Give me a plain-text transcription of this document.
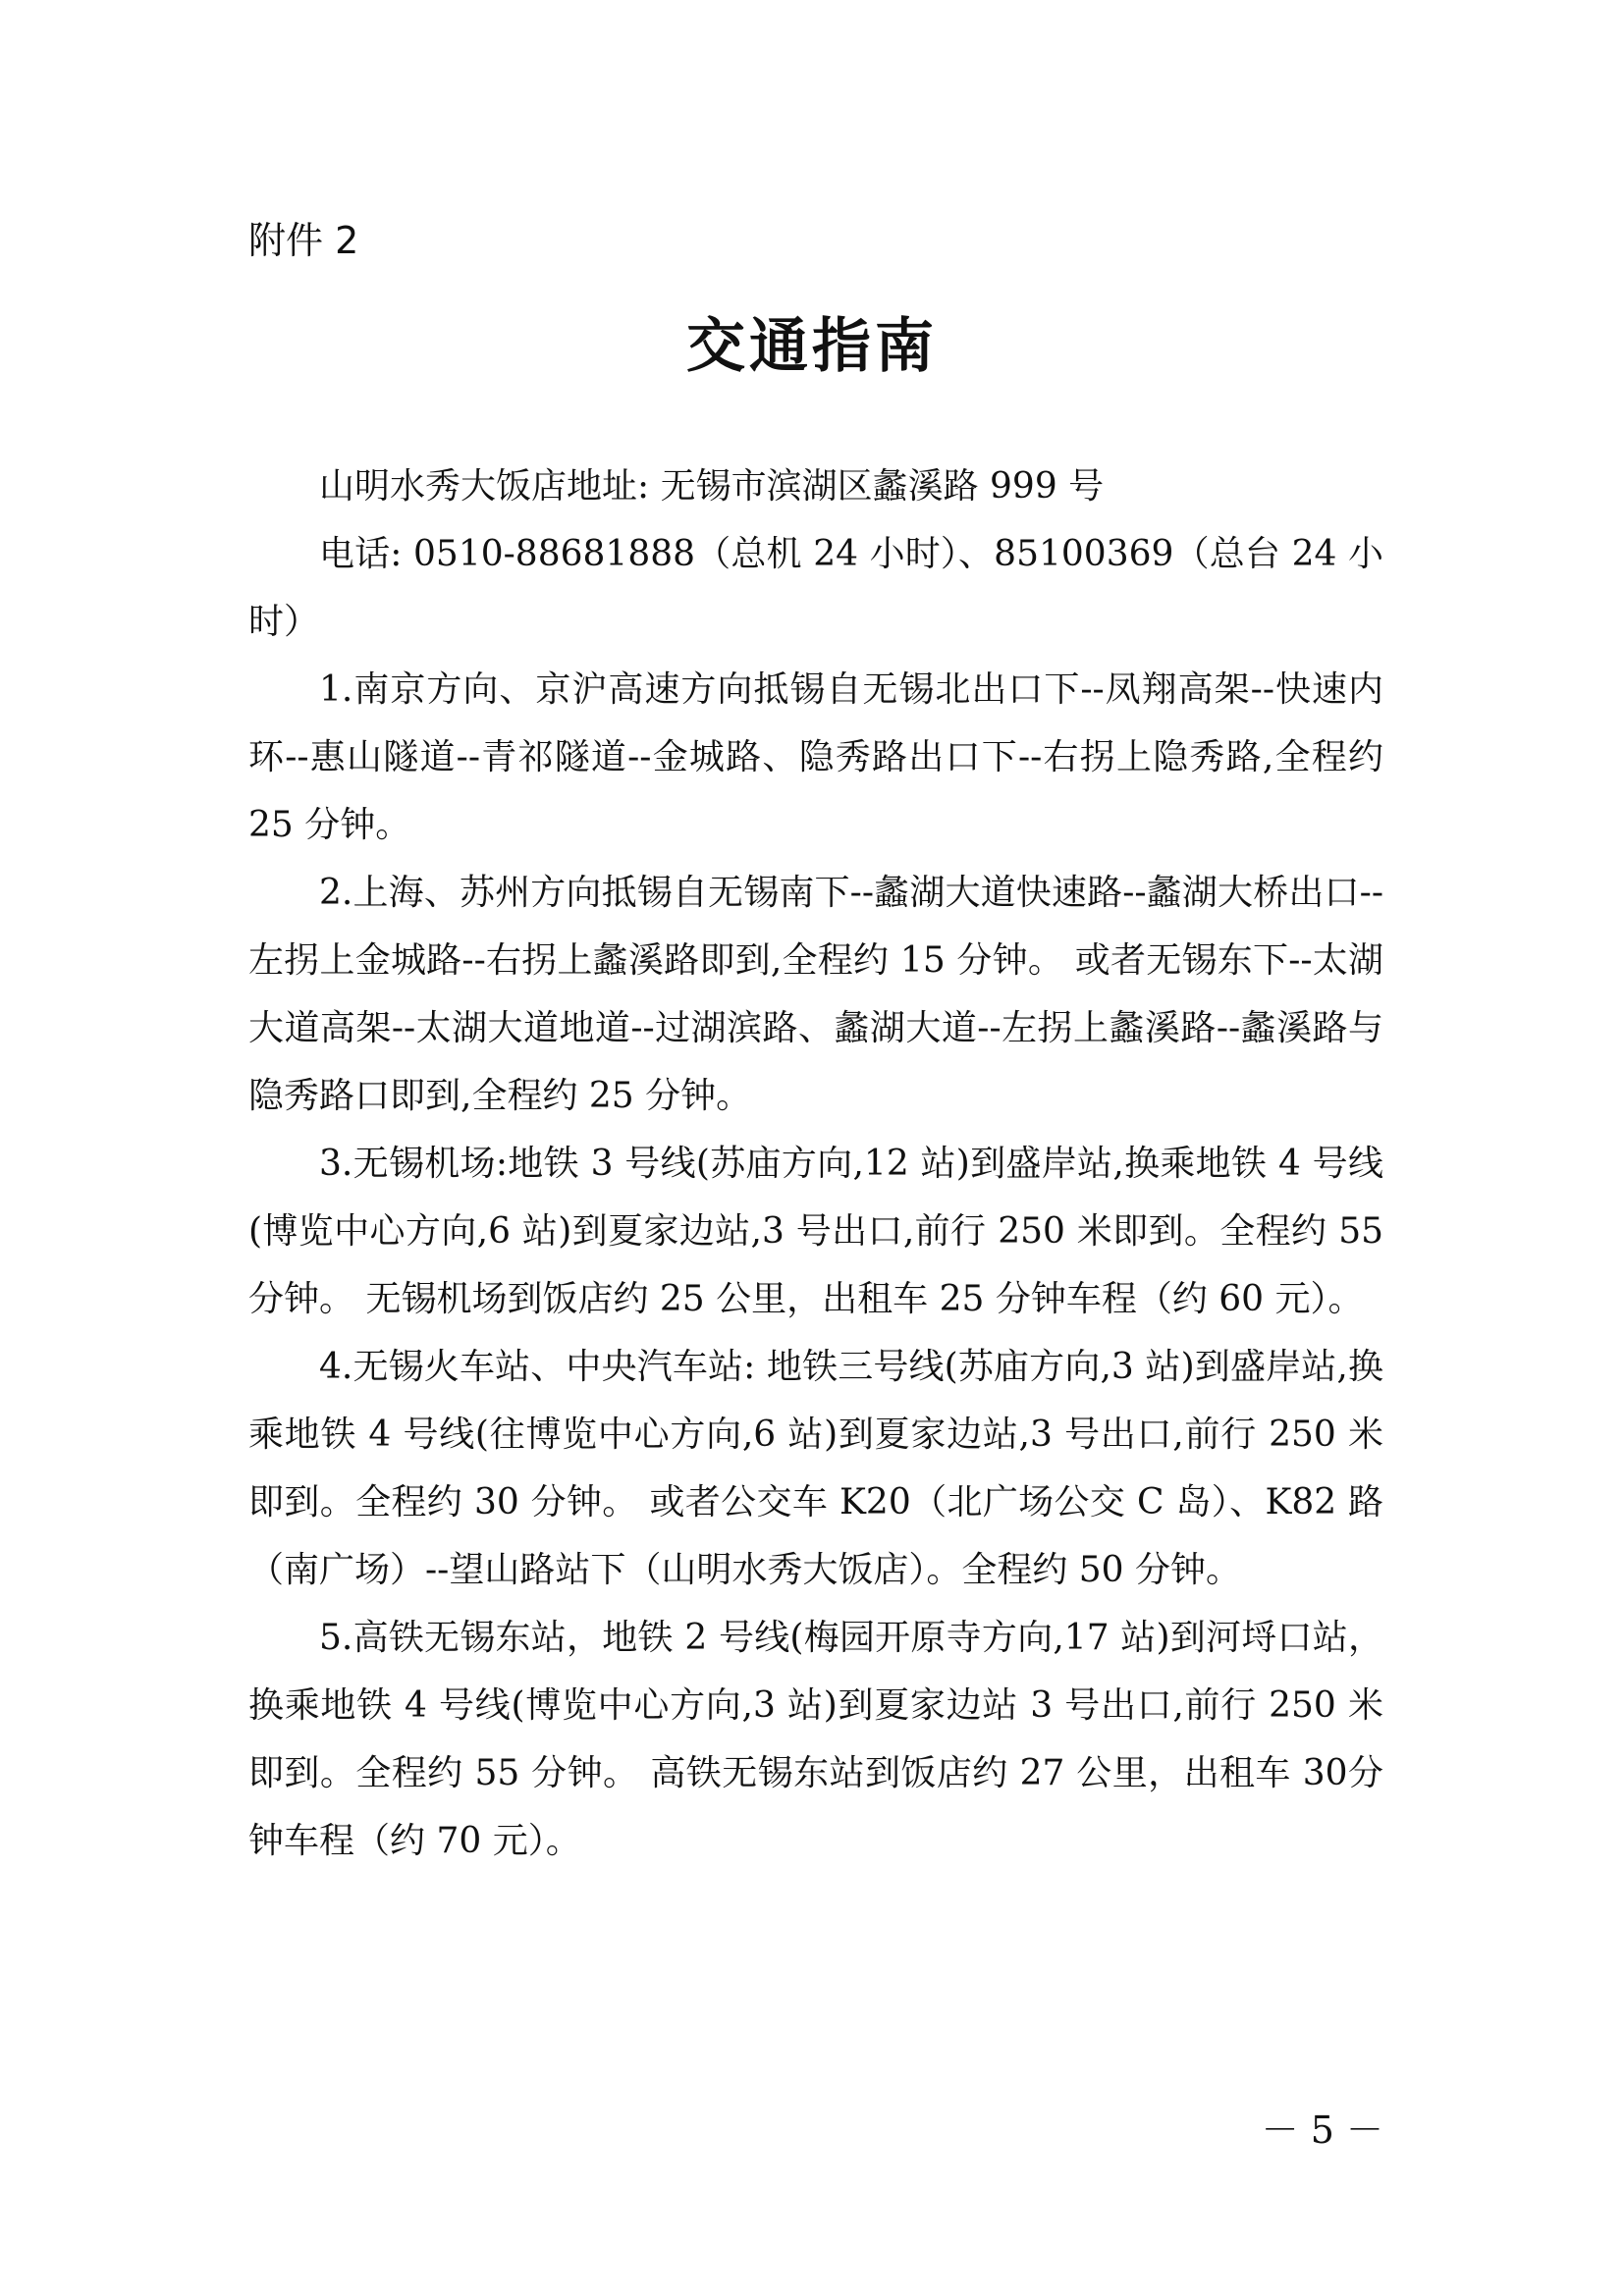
附件 2
交通指南

山明水秀大饭店地址: 无锡市滨湖区蠡溪路 999 号

电话: 0510-88681888（总机 24 小时）、85100369（总台 24 小时）

1.南京方向、京沪高速方向抵锡自无锡北出口下--凤翔高架--快速内环--惠山隧道--青祁隧道--金城路、隐秀路出口下--右拐上隐秀路,全程约 25 分钟。

2.上海、苏州方向抵锡自无锡南下--蠡湖大道快速路--蠡湖大桥出口--左拐上金城路--右拐上蠡溪路即到,全程约 15 分钟。 或者无锡东下--太湖大道高架--太湖大道地道--过湖滨路、蠡湖大道--左拐上蠡溪路--蠡溪路与隐秀路口即到,全程约 25 分钟。

3.无锡机场:地铁 3 号线(苏庙方向,12 站)到盛岸站,换乘地铁 4 号线(博览中心方向,6 站)到夏家边站,3 号出口,前行 250 米即到。全程约 55 分钟。 无锡机场到饭店约 25 公里，出租车 25 分钟车程（约 60 元）。

4.无锡火车站、中央汽车站: 地铁三号线(苏庙方向,3 站)到盛岸站,换乘地铁 4 号线(往博览中心方向,6 站)到夏家边站,3 号出口,前行 250 米即到。全程约 30 分钟。 或者公交车 K20（北广场公交 C 岛）、K82 路（南广场）--望山路站下（山明水秀大饭店）。全程约 50 分钟。

5.高铁无锡东站，地铁 2 号线(梅园开原寺方向,17 站)到河埒口站，换乘地铁 4 号线(博览中心方向,3 站)到夏家边站 3 号出口,前行 250 米即到。全程约 55 分钟。 高铁无锡东站到饭店约 27 公里，出租车 30分钟车程（约 70 元）。

－ 5 －
